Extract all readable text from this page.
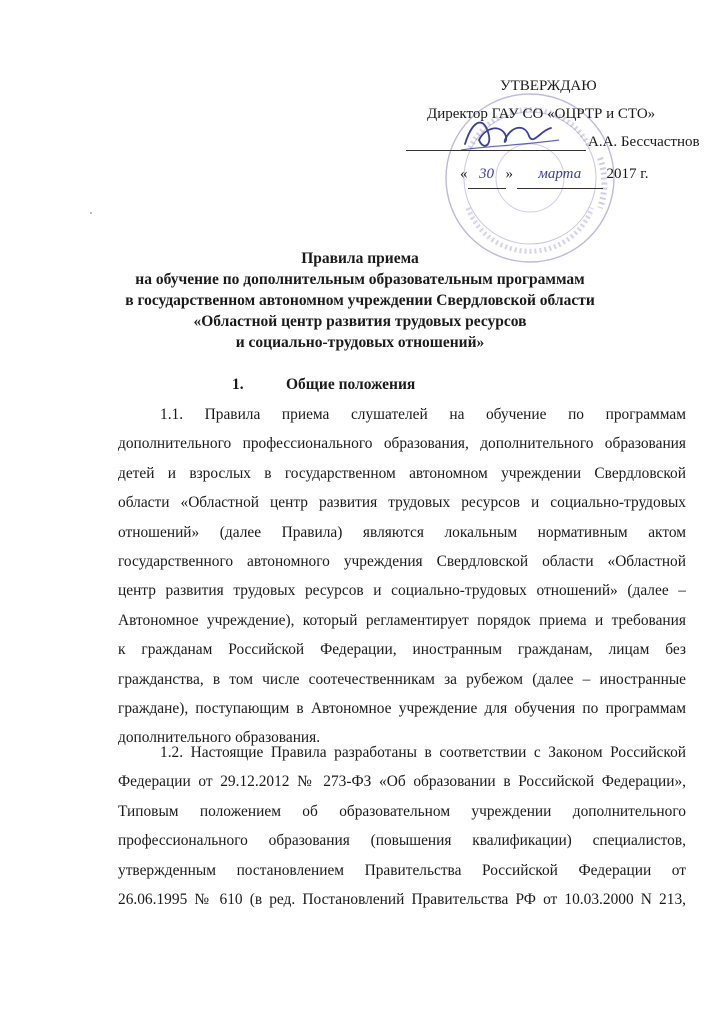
УТВЕРЖДАЮ
Директор ГАУ СО «ОЦРТР и СТО»
А.А. Бессчастнов
« 30 » марта 2017 г.
Правила приема
на обучение по дополнительным образовательным программам
в государственном автономном учреждении Свердловской области
«Областной центр развития трудовых ресурсов
и социально-трудовых отношений»
1.	Общие положения

1.1. Правила приема слушателей на обучение по программам

дополнительного профессионального образования, дополнительного образования

детей и взрослых в государственном автономном учреждении Свердловской

области «Областной центр развития трудовых ресурсов и социально-трудовых

отношений» (далее Правила) являются локальным нормативным актом

государственного автономного учреждения Свердловской области «Областной

центр развития трудовых ресурсов и социально-трудовых отношений» (далее –

Автономное учреждение), который регламентирует порядок приема и требования

к гражданам Российской Федерации, иностранным гражданам, лицам без

гражданства, в том числе соотечественникам за рубежом (далее – иностранные

граждане), поступающим в Автономное учреждение для обучения по программам

дополнительного образования.

1.2. Настоящие Правила разработаны в соответствии с Законом Российской

Федерации от 29.12.2012 № 273-ФЗ «Об образовании в Российской Федерации»,

Типовым положением об образовательном учреждении дополнительного

профессионального образования (повышения квалификации) специалистов,

утвержденным постановлением Правительства Российской Федерации от

26.06.1995 № 610 (в ред. Постановлений Правительства РФ от 10.03.2000 N 213,
